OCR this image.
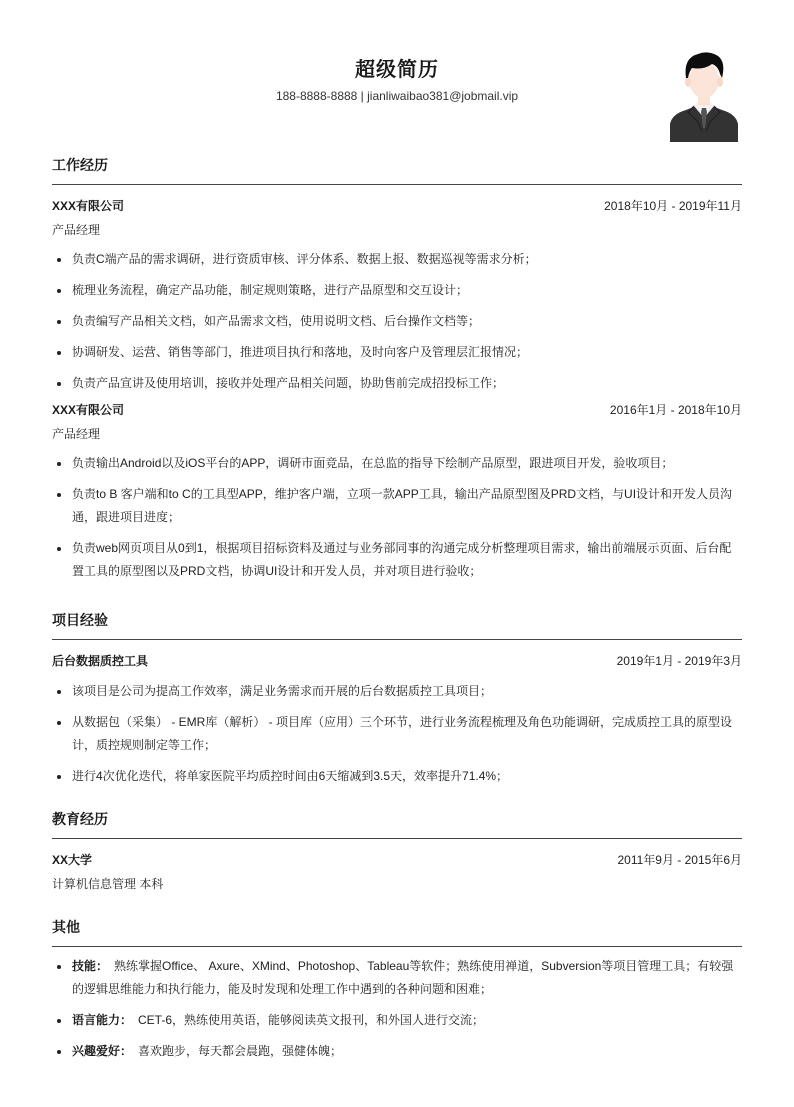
超级简历
188-8888-8888 | jianliwaibao381@jobmail.vip
工作经历
XXX有限公司	2018年10月 - 2019年11月
产品经理
负责C端产品的需求调研，进行资质审核、评分体系、数据上报、数据巡视等需求分析；
梳理业务流程，确定产品功能，制定规则策略，进行产品原型和交互设计；
负责编写产品相关文档，如产品需求文档，使用说明文档、后台操作文档等；
协调研发、运营、销售等部门，推进项目执行和落地，及时向客户及管理层汇报情况；
负责产品宣讲及使用培训，接收并处理产品相关问题，协助售前完成招投标工作；
XXX有限公司	2016年1月 - 2018年10月
产品经理
负责输出Android以及iOS平台的APP，调研市面竞品，在总监的指导下绘制产品原型，跟进项目开发，验收项目；
负责to B 客户端和to C的工具型APP，维护客户端，立项一款APP工具，输出产品原型图及PRD文档，与UI设计和开发人员沟通，跟进项目进度；
负责web网页项目从0到1，根据项目招标资料及通过与业务部同事的沟通完成分析整理项目需求，输出前端展示页面、后台配置工具的原型图以及PRD文档，协调UI设计和开发人员，并对项目进行验收；
项目经验
后台数据质控工具	2019年1月 - 2019年3月
该项目是公司为提高工作效率，满足业务需求而开展的后台数据质控工具项目；
从数据包（采集） - EMR库（解析） - 项目库（应用）三个环节，进行业务流程梳理及角色功能调研，完成质控工具的原型设计，质控规则制定等工作；
进行4次优化迭代，将单家医院平均质控时间由6天缩减到3.5天，效率提升71.4%；
教育经历
XX大学	2011年9月 - 2015年6月
计算机信息管理 本科
其他
技能： 熟练掌握Office、 Axure、XMind、Photoshop、Tableau等软件；熟练使用禅道，Subversion等项目管理工具；有较强的逻辑思维能力和执行能力，能及时发现和处理工作中遇到的各种问题和困难；
语言能力： CET-6，熟练使用英语，能够阅读英文报刊，和外国人进行交流；
兴趣爱好： 喜欢跑步，每天都会晨跑，强健体魄；
